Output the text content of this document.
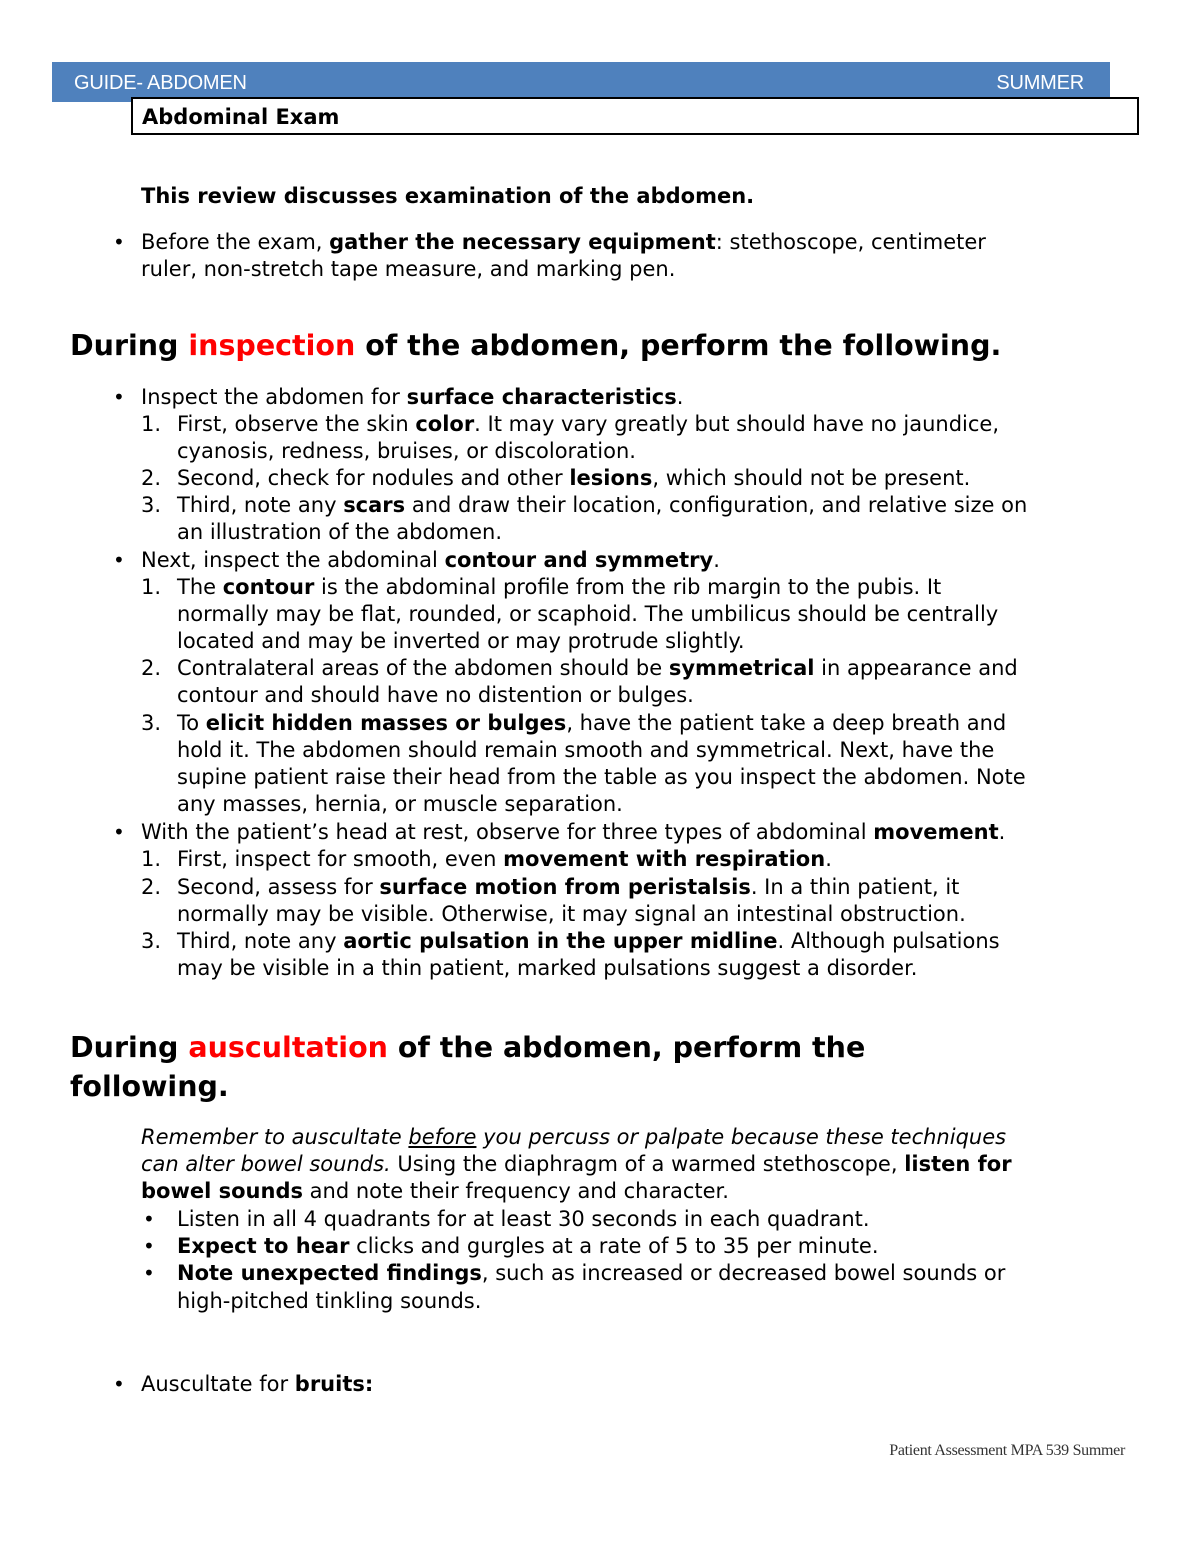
GUIDE- ABDOMEN	SUMMER
Abdominal Exam
This review discusses examination of the abdomen.
• Before the exam, gather the necessary equipment: stethoscope, centimeter
ruler, non-stretch tape measure, and marking pen.
During inspection of the abdomen, perform the following.
• Inspect the abdomen for surface characteristics.
1. First, observe the skin color. It may vary greatly but should have no jaundice,
cyanosis, redness, bruises, or discoloration.
2. Second, check for nodules and other lesions, which should not be present.
3. Third, note any scars and draw their location, configuration, and relative size on
an illustration of the abdomen.
• Next, inspect the abdominal contour and symmetry.
1. The contour is the abdominal profile from the rib margin to the pubis. It
normally may be flat, rounded, or scaphoid. The umbilicus should be centrally
located and may be inverted or may protrude slightly.
2. Contralateral areas of the abdomen should be symmetrical in appearance and
contour and should have no distention or bulges.
3. To elicit hidden masses or bulges, have the patient take a deep breath and
hold it. The abdomen should remain smooth and symmetrical. Next, have the
supine patient raise their head from the table as you inspect the abdomen. Note
any masses, hernia, or muscle separation.
• With the patient’s head at rest, observe for three types of abdominal movement.
1. First, inspect for smooth, even movement with respiration.
2. Second, assess for surface motion from peristalsis. In a thin patient, it
normally may be visible. Otherwise, it may signal an intestinal obstruction.
3. Third, note any aortic pulsation in the upper midline. Although pulsations
may be visible in a thin patient, marked pulsations suggest a disorder.
During auscultation of the abdomen, perform the
following.
Remember to auscultate before you percuss or palpate because these techniques
can alter bowel sounds. Using the diaphragm of a warmed stethoscope, listen for
bowel sounds and note their frequency and character.
• Listen in all 4 quadrants for at least 30 seconds in each quadrant.
• Expect to hear clicks and gurgles at a rate of 5 to 35 per minute.
• Note unexpected findings, such as increased or decreased bowel sounds or
high-pitched tinkling sounds.
• Auscultate for bruits:
Patient Assessment MPA 539 Summer
